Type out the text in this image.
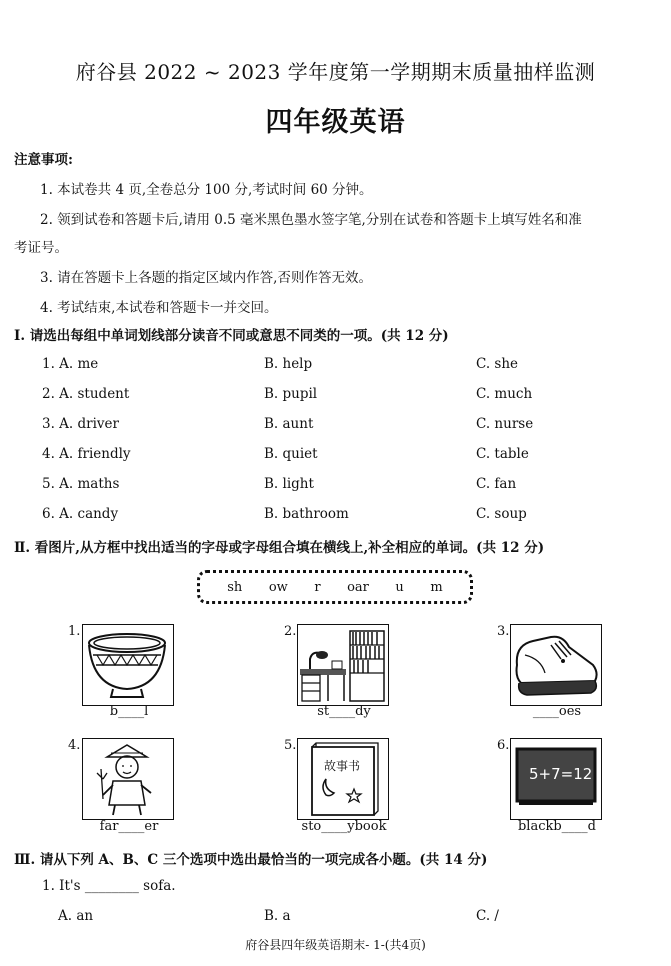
府谷县 2022 ~ 2023 学年度第一学期期末质量抽样监测
四年级英语
注意事项:
1. 本试卷共 4 页,全卷总分 100 分,考试时间 60 分钟。
2. 领到试卷和答题卡后,请用 0.5 毫米黑色墨水签字笔,分别在试卷和答题卡上填写姓名和准
考证号。
3. 请在答题卡上各题的指定区域内作答,否则作答无效。
4. 考试结束,本试卷和答题卡一并交回。
Ⅰ. 请选出每组中单词划线部分读音不同或意思不同类的一项。(共 12 分)
1. A. me	B. help	C. she
2. A. student	B. pupil	C. much
3. A. driver	B. aunt	C. nurse
4. A. friendly	B. quiet	C. table
5. A. maths	B. light	C. fan
6. A. candy	B. bathroom	C. soup
Ⅱ. 看图片,从方框中找出适当的字母或字母组合填在横线上,补全相应的单词。(共 12 分)
sh ow r oar u m
1.
b____l
2.
st____dy
3.
____oes
4.
far____er
5.
故事书
sto____ybook
6.
5+7=12
blackb____d
Ⅲ. 请从下列 A、B、C 三个选项中选出最恰当的一项完成各小题。(共 14 分)
1. It's ________ sofa.
A. an	B. a	C. /
府谷县四年级英语期末- 1-(共4页)
